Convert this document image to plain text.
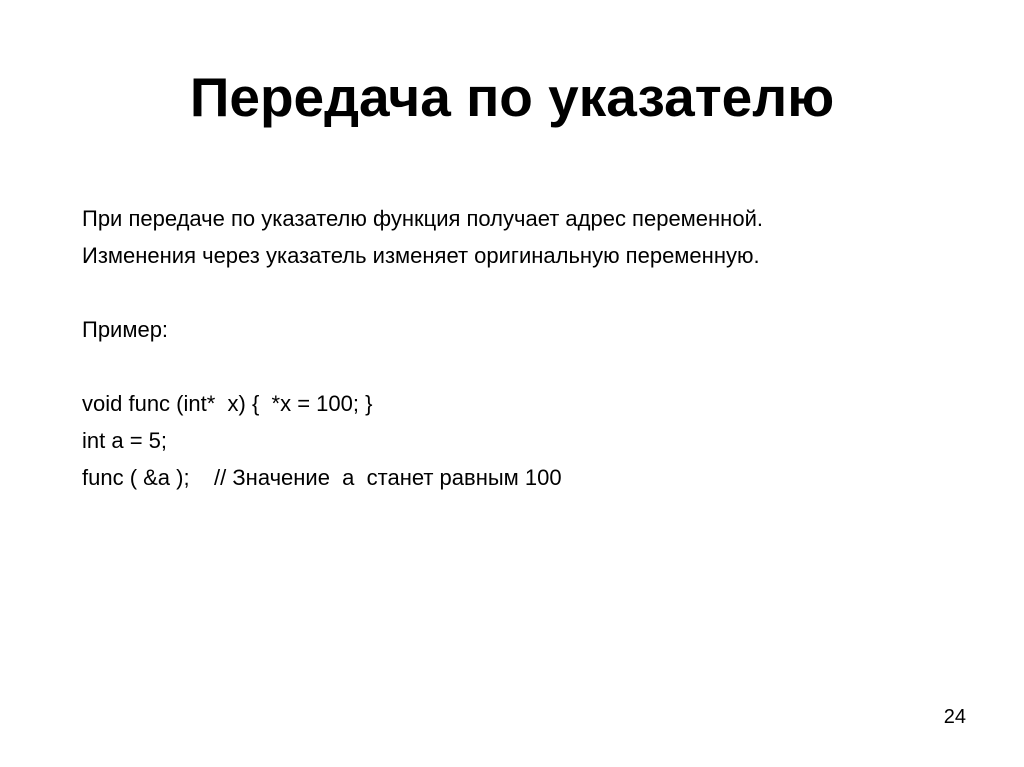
Передача по указателю
При передаче по указателю функция получает адрес переменной.
Изменения через указатель изменяет оригинальную переменную.
Пример:
void func (int*  x) {  *x = 100; }
int a = 5;
func ( &a );    // Значение  a  станет равным 100
24
